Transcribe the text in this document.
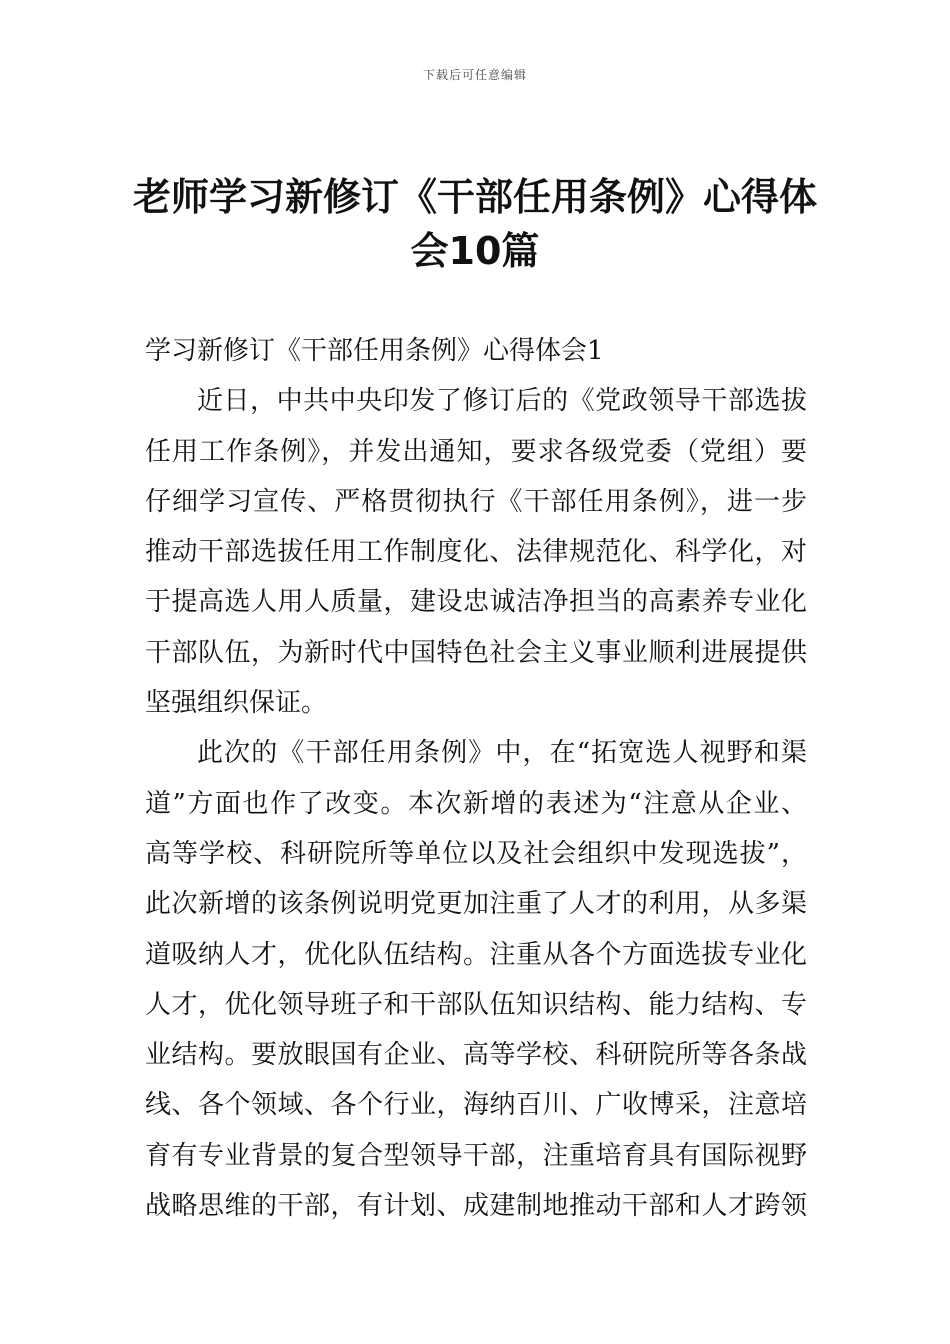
下载后可任意编辑
老师学习新修订《干部任用条例》心得体
会10篇

学习新修订《干部任用条例》心得体会1

近日，中共中央印发了修订后的《党政领导干部选拔
任用工作条例》，并发出通知，要求各级党委（党组）要
仔细学习宣传、严格贯彻执行《干部任用条例》，进一步
推动干部选拔任用工作制度化、法律规范化、科学化，对
于提高选人用人质量，建设忠诚洁净担当的高素养专业化
干部队伍，为新时代中国特色社会主义事业顺利进展提供
坚强组织保证。

此次的《干部任用条例》中，在“拓宽选人视野和渠
道”方面也作了改变。本次新增的表述为“注意从企业、
高等学校、科研院所等单位以及社会组织中发现选拔”，
此次新增的该条例说明党更加注重了人才的利用，从多渠
道吸纳人才，优化队伍结构。注重从各个方面选拔专业化
人才，优化领导班子和干部队伍知识结构、能力结构、专
业结构。要放眼国有企业、高等学校、科研院所等各条战
线、各个领域、各个行业，海纳百川、广收博采，注意培
育有专业背景的复合型领导干部，注重培育具有国际视野
战略思维的干部，有计划、成建制地推动干部和人才跨领
